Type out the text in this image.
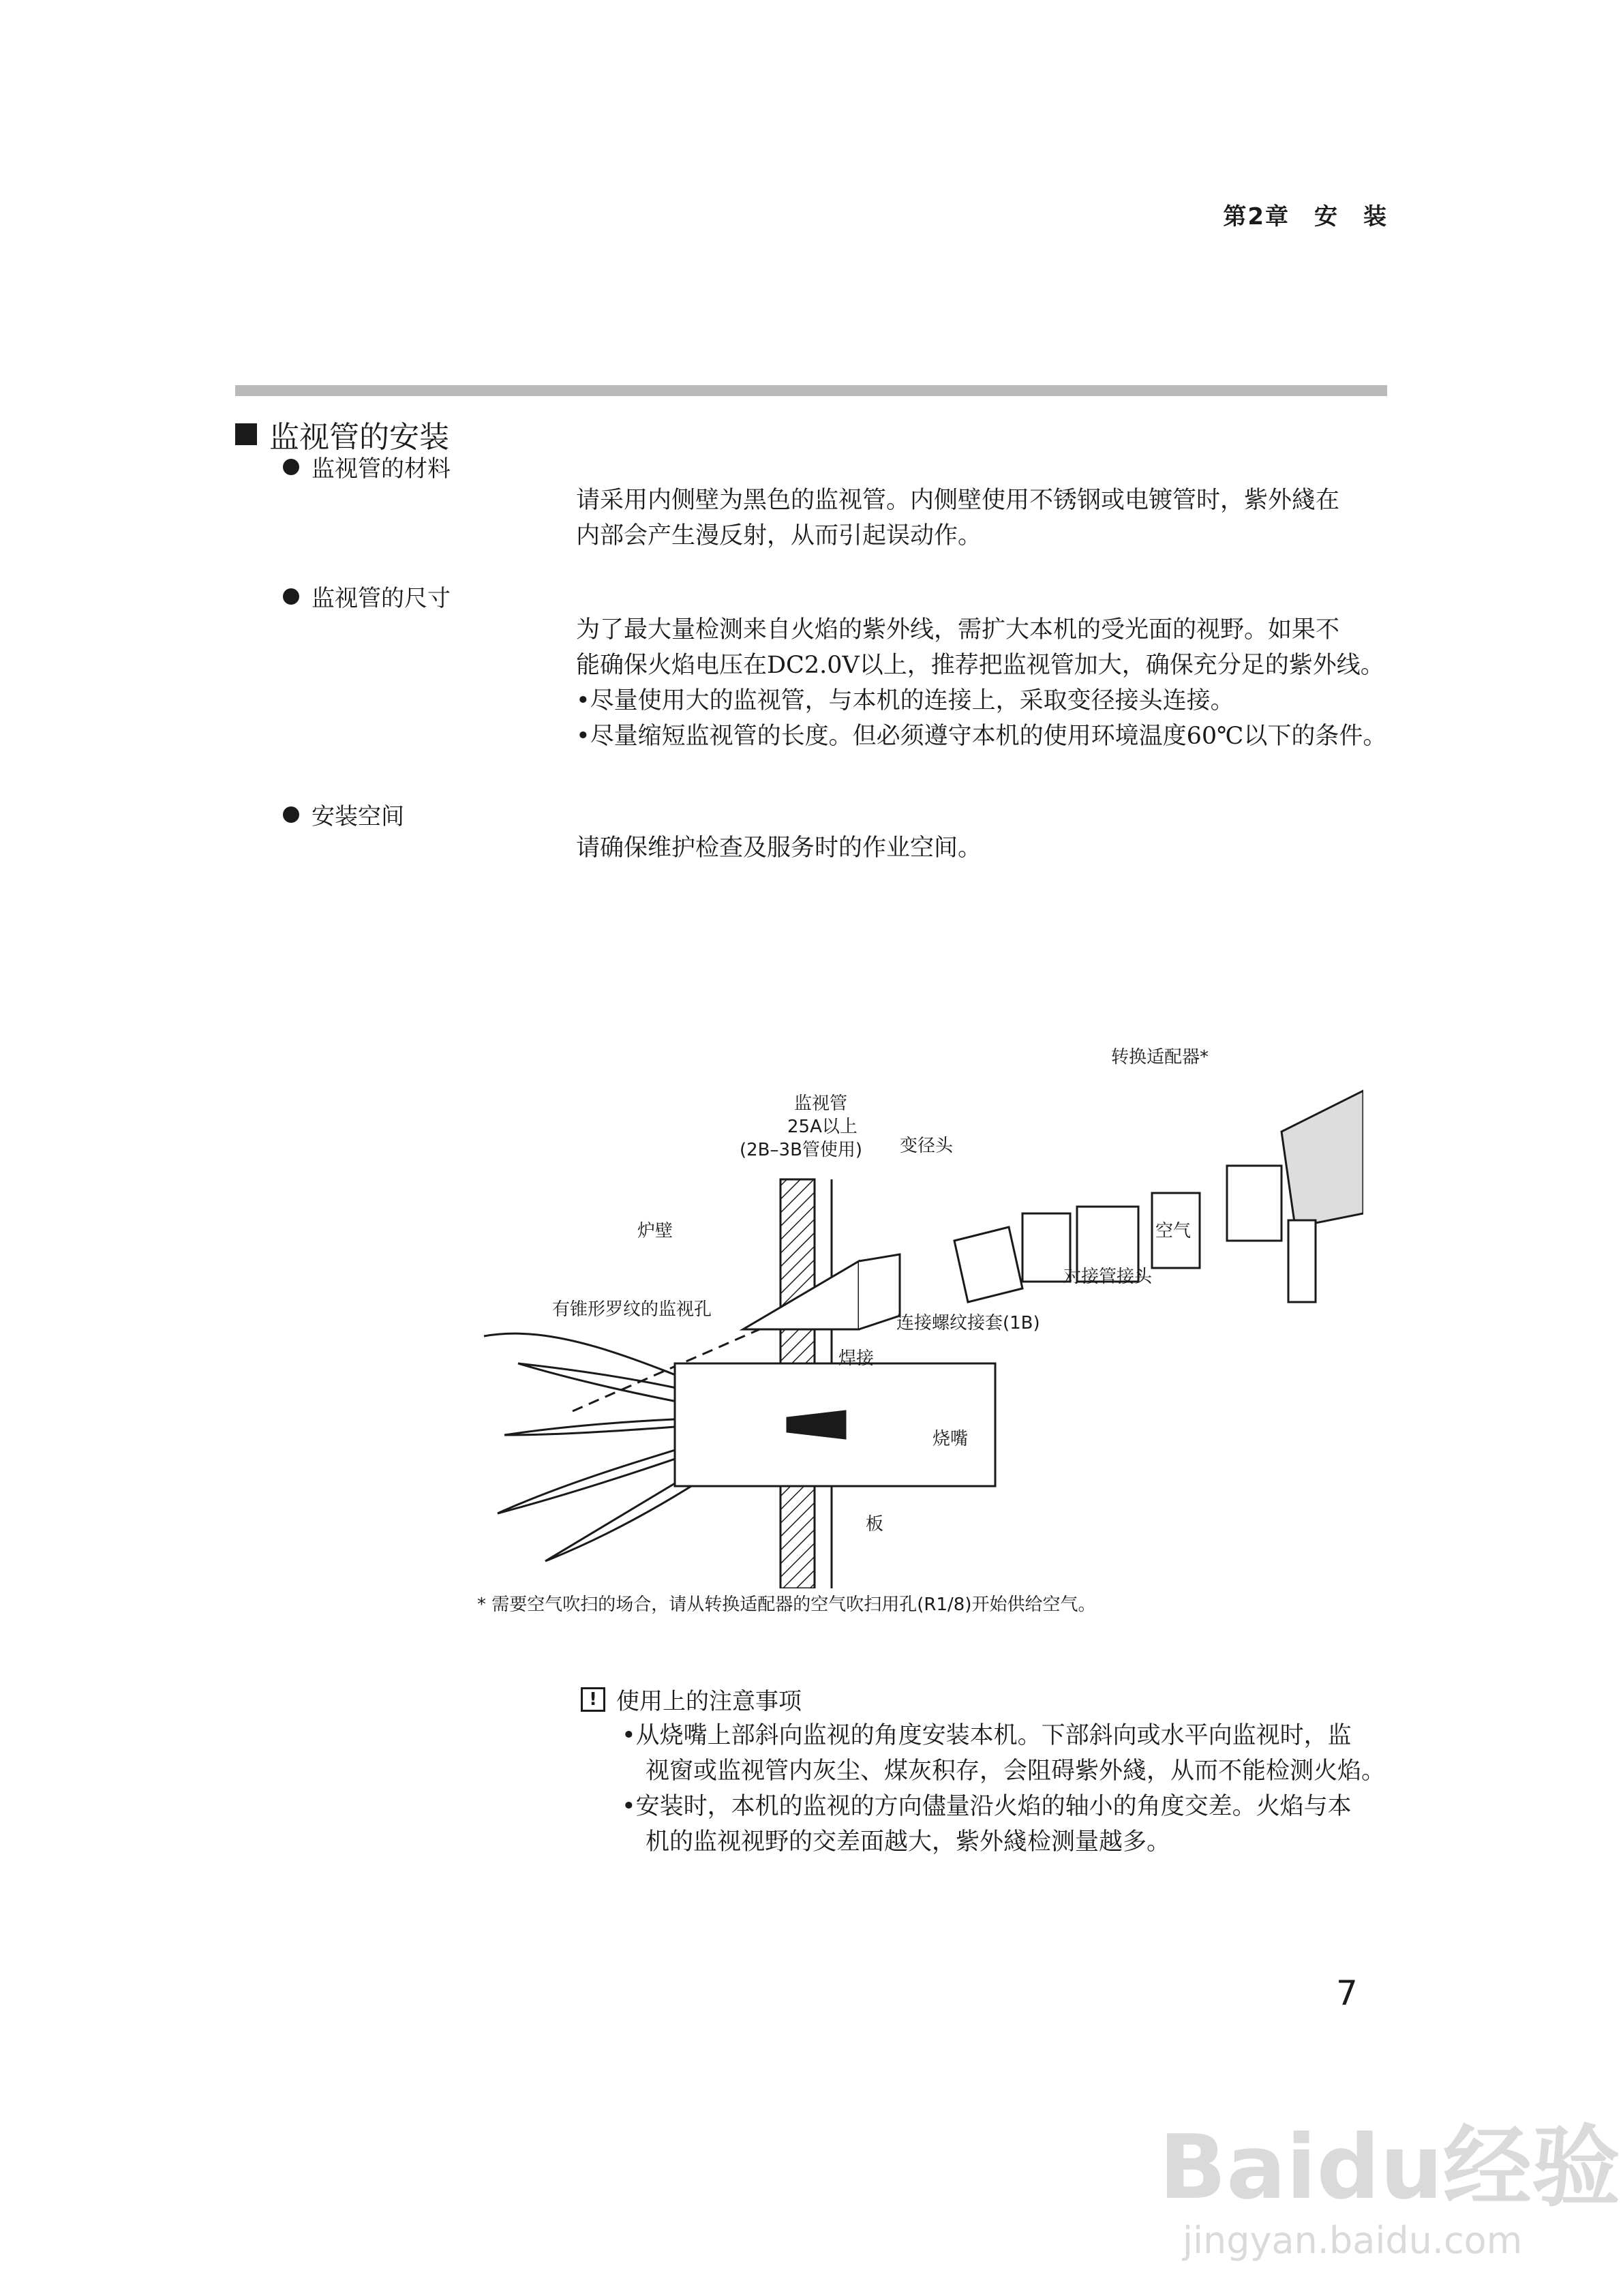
第2章　安　装
监视管的安装
监视管的材料

请采用内侧壁为黑色的监视管。内侧壁使用不锈钢或电镀管时，紫外綫在

内部会产生漫反射，从而引起误动作。

监视管的尺寸

为了最大量检测来自火焰的紫外线，需扩大本机的受光面的视野。如果不

能确保火焰电压在DC2.0V以上，推荐把监视管加大，确保充分足的紫外线。

•尽量使用大的监视管，与本机的连接上，采取变径接头连接。

•尽量缩短监视管的长度。但必须遵守本机的使用环境温度60℃以下的条件。

安装空间

请确保维护检查及服务时的作业空间。

转换适配器*
监视管
25A以上
(2B–3B管使用) 变径头
炉壁	空气
对接管接头
有锥形罗纹的监视孔
连接螺纹接套(1B)
焊接
烧嘴
板
* 需要空气吹扫的场合，请从转换适配器的空气吹扫用孔(R1/8)开始供给空气。
! 使用上的注意事项

•从烧嘴上部斜向监视的角度安装本机。下部斜向或水平向监视时，监

　视窗或监视管内灰尘、煤灰积存，会阻碍紫外綫，从而不能检测火焰。

•安装时，本机的监视的方向儘量沿火焰的轴小的角度交差。火焰与本

　机的监视视野的交差面越大，紫外綫检测量越多。

7
Baidu经验
jingyan.baidu.com
